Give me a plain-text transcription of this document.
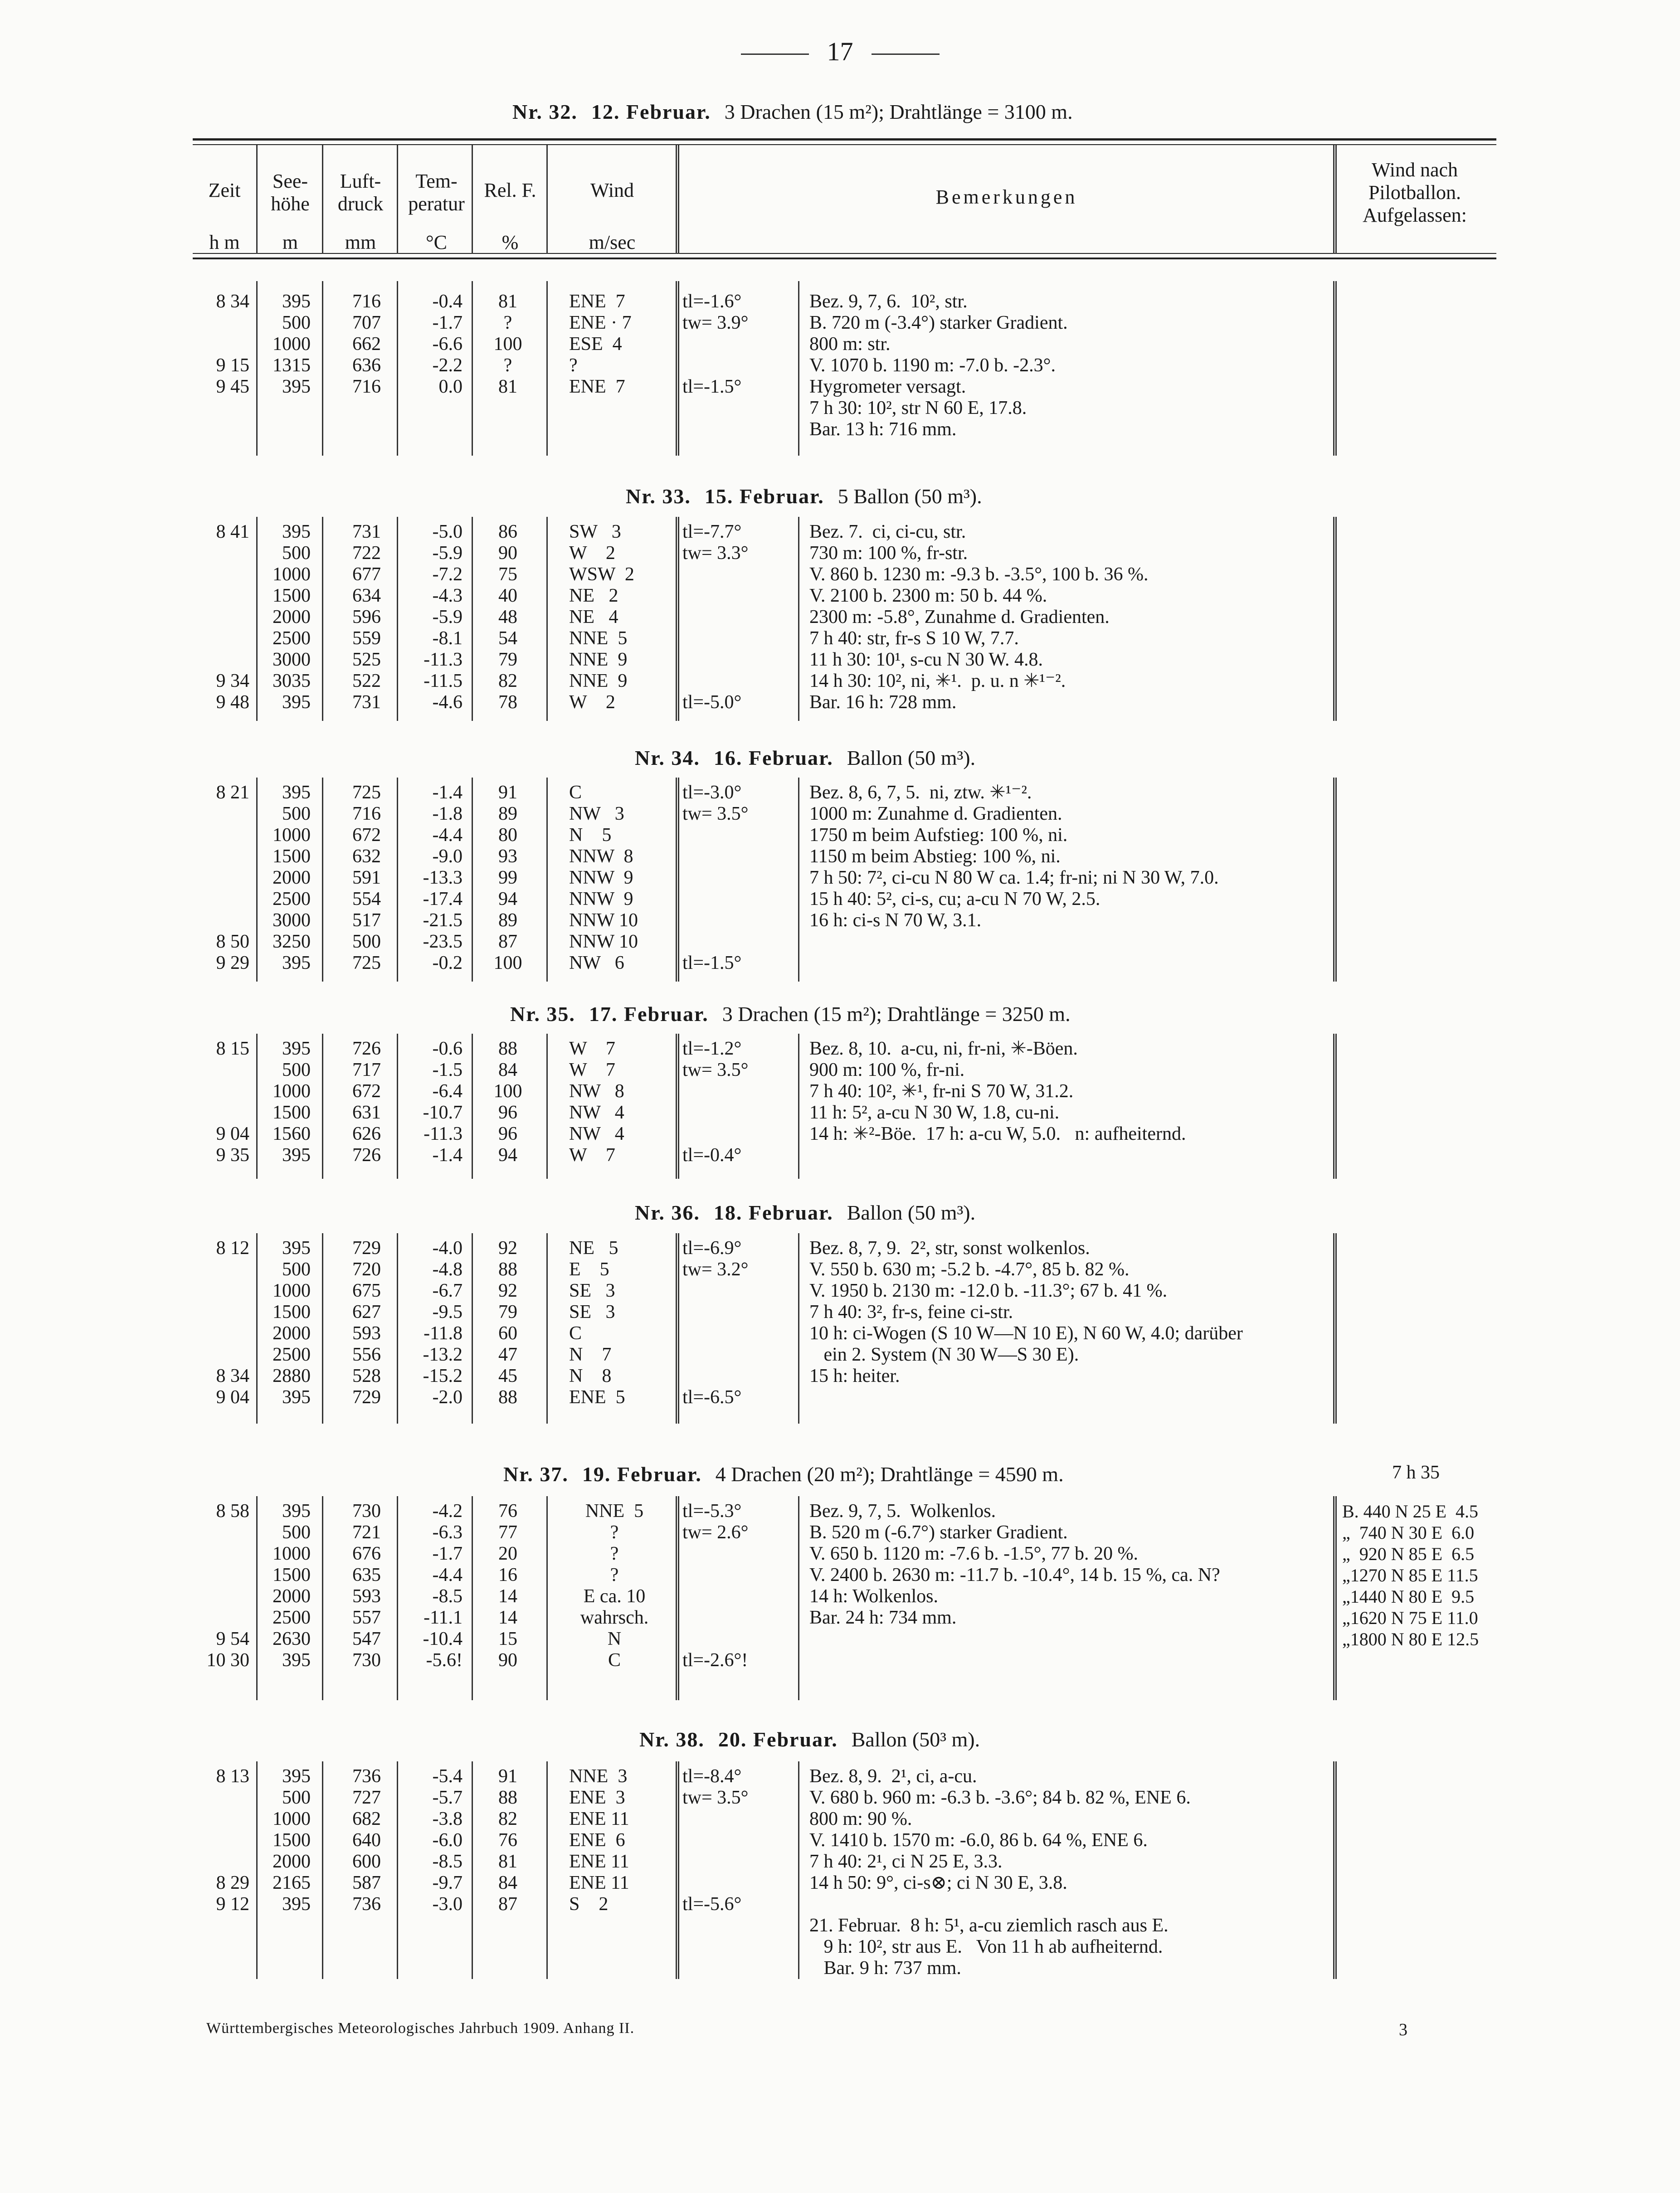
17
Nr. 32. 12. Februar. 3 Drachen (15 m²); Drahtlänge = 3100 m.
Zeit
h m
See-
höhe
m
Luft-
druck
mm
Tem-
peratur
°C
Rel. F.
%
Wind
m/sec
Bemerkungen
Wind nach
Pilotballon.
Aufgelassen:
8 34

9 15
9 45
395
500
1000
1315
395
716
707
662
636
716
-0.4
-1.7
-6.6
-2.2
0.0
81
?
100
?
81
ENE  7
ENE · 7
ESE  4
?
ENE  7
tl=-1.6°
tw= 3.9°

tl=-1.5°
Bez. 9, 7, 6.  10², str.
B. 720 m (-3.4°) starker Gradient.
800 m: str.
V. 1070 b. 1190 m: -7.0 b. -2.3°.
Hygrometer versagt.
7 h 30: 10², str N 60 E, 17.8.
Bar. 13 h: 716 mm.
Nr. 33. 15. Februar. 5 Ballon (50 m³).
8 41

9 34
9 48
395
500
1000
1500
2000
2500
3000
3035
395
731
722
677
634
596
559
525
522
731
-5.0
-5.9
-7.2
-4.3
-5.9
-8.1
-11.3
-11.5
-4.6
86
90
75
40
48
54
79
82
78
SW   3
W    2
WSW  2
NE   2
NE   4
NNE  5
NNE  9
NNE  9
W    2
tl=-7.7°
tw= 3.3°

tl=-5.0°
Bez. 7.  ci, ci-cu, str.
730 m: 100 %, fr-str.
V. 860 b. 1230 m: -9.3 b. -3.5°, 100 b. 36 %.
V. 2100 b. 2300 m: 50 b. 44 %.
2300 m: -5.8°, Zunahme d. Gradienten.
7 h 40: str, fr-s S 10 W, 7.7.
11 h 30: 10¹, s-cu N 30 W. 4.8.
14 h 30: 10², ni, ✳¹.  p. u. n ✳¹⁻².
Bar. 16 h: 728 mm.
Nr. 34. 16. Februar. Ballon (50 m³).
8 21

8 50
9 29
395
500
1000
1500
2000
2500
3000
3250
395
725
716
672
632
591
554
517
500
725
-1.4
-1.8
-4.4
-9.0
-13.3
-17.4
-21.5
-23.5
-0.2
91
89
80
93
99
94
89
87
100
C
NW   3
N    5
NNW  8
NNW  9
NNW  9
NNW 10
NNW 10
NW   6
tl=-3.0°
tw= 3.5°

tl=-1.5°
Bez. 8, 6, 7, 5.  ni, ztw. ✳¹⁻².
1000 m: Zunahme d. Gradienten.
1750 m beim Aufstieg: 100 %, ni.
1150 m beim Abstieg: 100 %, ni.
7 h 50: 7², ci-cu N 80 W ca. 1.4; fr-ni; ni N 30 W, 7.0.
15 h 40: 5², ci-s, cu; a-cu N 70 W, 2.5.
16 h: ci-s N 70 W, 3.1.
Nr. 35. 17. Februar. 3 Drachen (15 m²); Drahtlänge = 3250 m.
8 15

9 04
9 35
395
500
1000
1500
1560
395
726
717
672
631
626
726
-0.6
-1.5
-6.4
-10.7
-11.3
-1.4
88
84
100
96
96
94
W    7
W    7
NW   8
NW   4
NW   4
W    7
tl=-1.2°
tw= 3.5°

tl=-0.4°
Bez. 8, 10.  a-cu, ni, fr-ni, ✳-Böen.
900 m: 100 %, fr-ni.
7 h 40: 10², ✳¹, fr-ni S 70 W, 31.2.
11 h: 5², a-cu N 30 W, 1.8, cu-ni.
14 h: ✳²-Böe.  17 h: a-cu W, 5.0.   n: aufheiternd.
Nr. 36. 18. Februar. Ballon (50 m³).
8 12

8 34
9 04
395
500
1000
1500
2000
2500
2880
395
729
720
675
627
593
556
528
729
-4.0
-4.8
-6.7
-9.5
-11.8
-13.2
-15.2
-2.0
92
88
92
79
60
47
45
88
NE   5
E    5
SE   3
SE   3
C
N    7
N    8
ENE  5
tl=-6.9°
tw= 3.2°

tl=-6.5°
Bez. 8, 7, 9.  2², str, sonst wolkenlos.
V. 550 b. 630 m; -5.2 b. -4.7°, 85 b. 82 %.
V. 1950 b. 2130 m: -12.0 b. -11.3°; 67 b. 41 %.
7 h 40: 3², fr-s, feine ci-str.
10 h: ci-Wogen (S 10 W—N 10 E), N 60 W, 4.0; darüber
ein 2. System (N 30 W—S 30 E).
15 h: heiter.
Nr. 37. 19. Februar. 4 Drachen (20 m²); Drahtlänge = 4590 m.	7 h 35
8 58

9 54
10 30
395
500
1000
1500
2000
2500
2630
395
730
721
676
635
593
557
547
730
-4.2
-6.3
-1.7
-4.4
-8.5
-11.1
-10.4
-5.6!
76
77
20
16
14
14
15
90
NNE  5
?
?
?
E ca. 10
wahrsch.
N
C
tl=-5.3°
tw= 2.6°

tl=-2.6°!
Bez. 9, 7, 5.  Wolkenlos.
B. 520 m (-6.7°) starker Gradient.
V. 650 b. 1120 m: -7.6 b. -1.5°, 77 b. 20 %.
V. 2400 b. 2630 m: -11.7 b. -10.4°, 14 b. 15 %, ca. N?
14 h: Wolkenlos.
Bar. 24 h: 734 mm.
B. 440 N 25 E  4.5
„  740 N 30 E  6.0
„  920 N 85 E  6.5
„1270 N 85 E 11.5
„1440 N 80 E  9.5
„1620 N 75 E 11.0
„1800 N 80 E 12.5
Nr. 38. 20. Februar. Ballon (50³ m).
8 13

8 29
9 12
395
500
1000
1500
2000
2165
395
736
727
682
640
600
587
736
-5.4
-5.7
-3.8
-6.0
-8.5
-9.7
-3.0
91
88
82
76
81
84
87
NNE  3
ENE  3
ENE 11
ENE  6
ENE 11
ENE 11
S    2
tl=-8.4°
tw= 3.5°

tl=-5.6°
Bez. 8, 9.  2¹, ci, a-cu.
V. 680 b. 960 m: -6.3 b. -3.6°; 84 b. 82 %, ENE 6.
800 m: 90 %.
V. 1410 b. 1570 m: -6.0, 86 b. 64 %, ENE 6.
7 h 40: 2¹, ci N 25 E, 3.3.
14 h 50: 9°, ci-s⊗; ci N 30 E, 3.8.

21. Februar.  8 h: 5¹, a-cu ziemlich rasch aus E.
9 h: 10², str aus E.   Von 11 h ab aufheiternd.
Bar. 9 h: 737 mm.
Württembergisches Meteorologisches Jahrbuch 1909. Anhang II.	3
